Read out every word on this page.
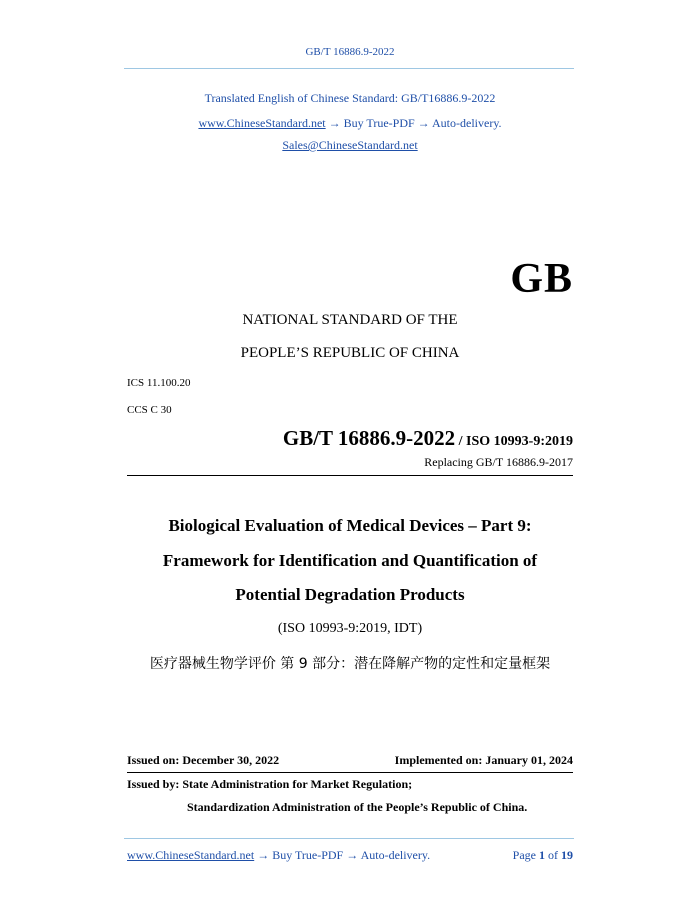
GB/T 16886.9-2022
Translated English of Chinese Standard: GB/T16886.9-2022
www.ChineseStandard.net → Buy True-PDF → Auto-delivery.
Sales@ChineseStandard.net
GB
NATIONAL STANDARD OF THE
PEOPLE’S REPUBLIC OF CHINA
ICS 11.100.20
CCS C 30
GB/T 16886.9-2022 / ISO 10993-9:2019
Replacing GB/T 16886.9-2017
Biological Evaluation of Medical Devices – Part 9:
Framework for Identification and Quantification of
Potential Degradation Products
(ISO 10993-9:2019, IDT)
医疗器械生物学评价 第 9 部分：潜在降解产物的定性和定量框架
Issued on: December 30, 2022	Implemented on: January 01, 2024
Issued by: State Administration for Market Regulation;
Standardization Administration of the People’s Republic of China.
www.ChineseStandard.net → Buy True-PDF → Auto-delivery.	Page 1 of 19
